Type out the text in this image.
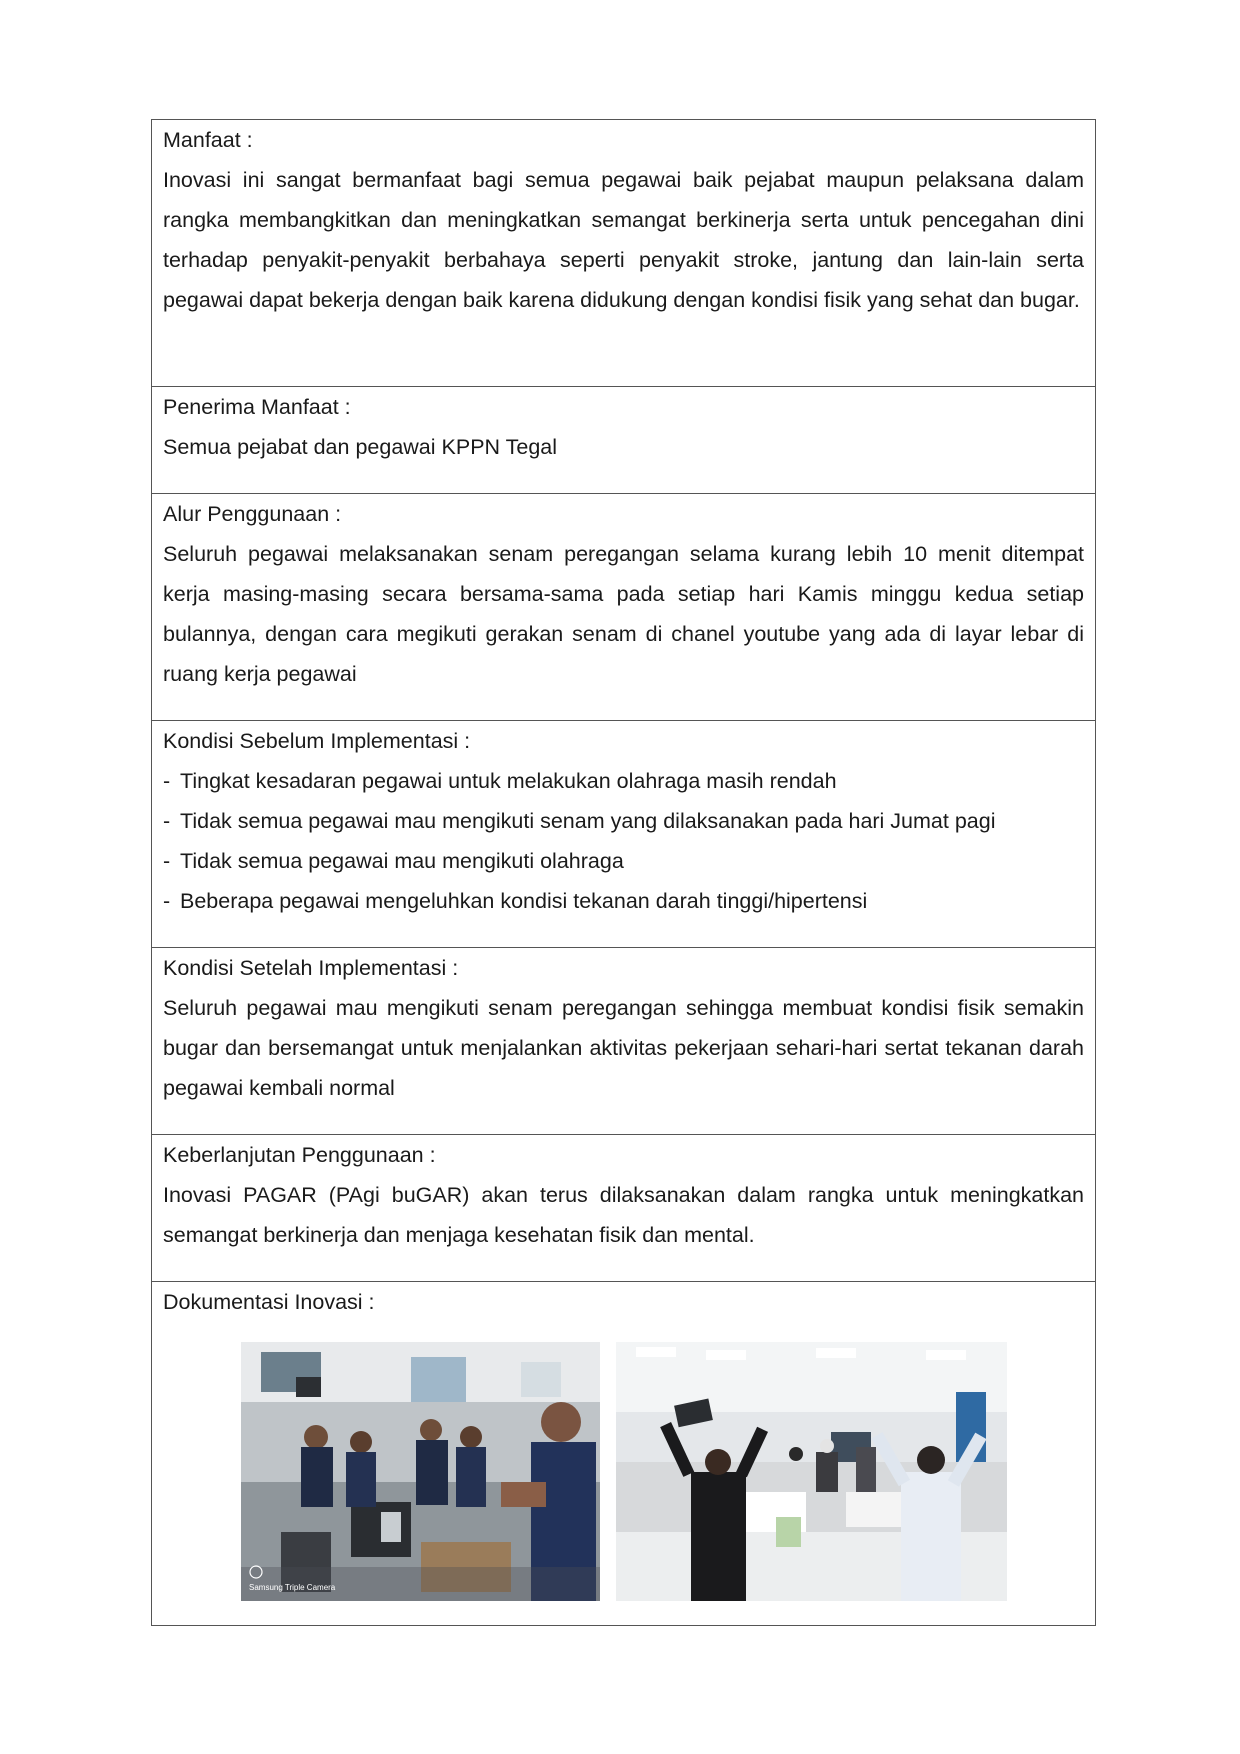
Manfaat :

Inovasi ini sangat bermanfaat bagi semua pegawai baik pejabat maupun pelaksana dalam rangka membangkitkan dan meningkatkan semangat berkinerja serta untuk pencegahan dini terhadap penyakit-penyakit berbahaya seperti penyakit stroke, jantung dan lain-lain serta pegawai dapat bekerja dengan baik karena didukung dengan kondisi fisik yang sehat dan bugar.

Penerima Manfaat :

Semua pejabat dan pegawai KPPN Tegal

Alur Penggunaan :

Seluruh pegawai melaksanakan senam peregangan selama kurang lebih 10 menit ditempat kerja masing-masing secara bersama-sama pada setiap hari Kamis minggu kedua setiap bulannya, dengan cara megikuti gerakan senam di chanel youtube yang ada di layar lebar di ruang kerja pegawai

Kondisi Sebelum Implementasi :

- Tingkat kesadaran pegawai untuk melakukan olahraga masih rendah
- Tidak semua pegawai mau mengikuti senam yang dilaksanakan pada hari Jumat pagi
- Tidak semua pegawai mau mengikuti olahraga
- Beberapa pegawai mengeluhkan kondisi tekanan darah tinggi/hipertensi

Kondisi Setelah Implementasi :

Seluruh pegawai mau mengikuti senam peregangan sehingga membuat kondisi fisik semakin bugar dan bersemangat untuk menjalankan aktivitas pekerjaan sehari-hari sertat tekanan darah pegawai kembali normal

Keberlanjutan Penggunaan :

Inovasi PAGAR (PAgi buGAR) akan terus dilaksanakan dalam rangka untuk meningkatkan semangat berkinerja dan menjaga kesehatan fisik dan mental.

Dokumentasi Inovasi :

Samsung Triple Camera
